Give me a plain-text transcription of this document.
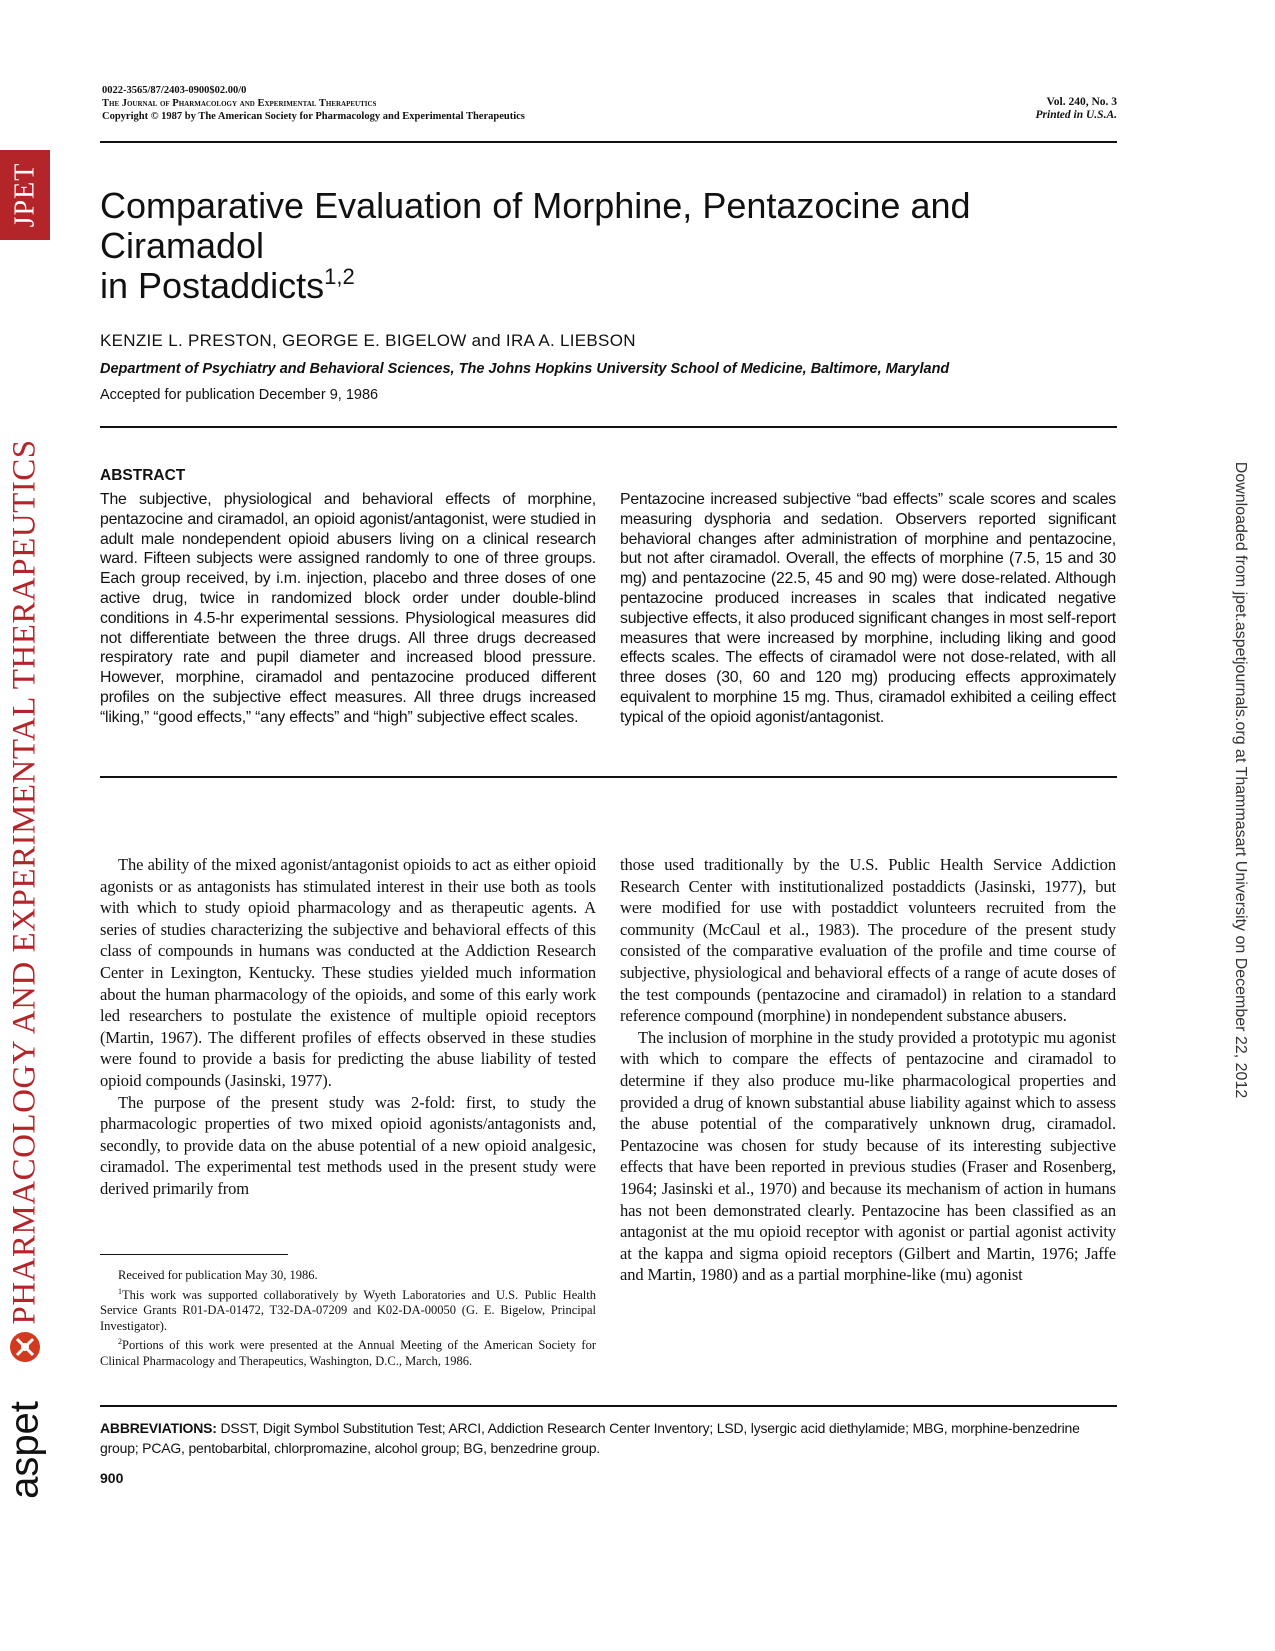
JPET
PHARMACOLOGY AND EXPERIMENTAL THERAPEUTICS
aspet
Downloaded from jpet.aspetjournals.org at Thammasart University on December 22, 2012
0022-3565/87/2403-0900$02.00/0
The Journal of Pharmacology and Experimental Therapeutics
Copyright © 1987 by The American Society for Pharmacology and Experimental Therapeutics
Vol. 240, No. 3
Printed in U.S.A.
Comparative Evaluation of Morphine, Pentazocine and Ciramadol
in Postaddicts$^{1,2}$
KENZIE L. PRESTON, GEORGE E. BIGELOW and IRA A. LIEBSON
Department of Psychiatry and Behavioral Sciences, The Johns Hopkins University School of Medicine, Baltimore, Maryland
Accepted for publication December 9, 1986
ABSTRACT

The subjective, physiological and behavioral effects of morphine, pentazocine and ciramadol, an opioid agonist/antagonist, were studied in adult male nondependent opioid abusers living on a clinical research ward. Fifteen subjects were assigned randomly to one of three groups. Each group received, by i.m. injection, placebo and three doses of one active drug, twice in randomized block order under double-blind conditions in 4.5-hr experimental sessions. Physiological measures did not differentiate between the three drugs. All three drugs decreased respiratory rate and pupil diameter and increased blood pressure. However, morphine, ciramadol and pentazocine produced different profiles on the subjective effect measures. All three drugs increased “liking,” “good effects,” “any effects” and “high” subjective effect scales.

Pentazocine increased subjective “bad effects” scale scores and scales measuring dysphoria and sedation. Observers reported significant behavioral changes after administration of morphine and pentazocine, but not after ciramadol. Overall, the effects of morphine (7.5, 15 and 30 mg) and pentazocine (22.5, 45 and 90 mg) were dose-related. Although pentazocine produced increases in scales that indicated negative subjective effects, it also produced significant changes in most self-report measures that were increased by morphine, including liking and good effects scales. The effects of ciramadol were not dose-related, with all three doses (30, 60 and 120 mg) producing effects approximately equivalent to morphine 15 mg. Thus, ciramadol exhibited a ceiling effect typical of the opioid agonist/antagonist.

The ability of the mixed agonist/antagonist opioids to act as either opioid agonists or as antagonists has stimulated interest in their use both as tools with which to study opioid pharmacology and as therapeutic agents. A series of studies characterizing the subjective and behavioral effects of this class of compounds in humans was conducted at the Addiction Research Center in Lexington, Kentucky. These studies yielded much information about the human pharmacology of the opioids, and some of this early work led researchers to postulate the existence of multiple opioid receptors (Martin, 1967). The different profiles of effects observed in these studies were found to provide a basis for predicting the abuse liability of tested opioid compounds (Jasinski, 1977).

The purpose of the present study was 2-fold: first, to study the pharmacologic properties of two mixed opioid agonists/antagonists and, secondly, to provide data on the abuse potential of a new opioid analgesic, ciramadol. The experimental test methods used in the present study were derived primarily from

those used traditionally by the U.S. Public Health Service Addiction Research Center with institutionalized postaddicts (Jasinski, 1977), but were modified for use with postaddict volunteers recruited from the community (McCaul et al., 1983). The procedure of the present study consisted of the comparative evaluation of the profile and time course of subjective, physiological and behavioral effects of a range of acute doses of the test compounds (pentazocine and ciramadol) in relation to a standard reference compound (morphine) in nondependent substance abusers.

The inclusion of morphine in the study provided a prototypic mu agonist with which to compare the effects of pentazocine and ciramadol to determine if they also produce mu-like pharmacological properties and provided a drug of known substantial abuse liability against which to assess the abuse potential of the comparatively unknown drug, ciramadol. Pentazocine was chosen for study because of its interesting subjective effects that have been reported in previous studies (Fraser and Rosenberg, 1964; Jasinski et al., 1970) and because its mechanism of action in humans has not been demonstrated clearly. Pentazocine has been classified as an antagonist at the mu opioid receptor with agonist or partial agonist activity at the kappa and sigma opioid receptors (Gilbert and Martin, 1976; Jaffe and Martin, 1980) and as a partial morphine-like (mu) agonist

Received for publication May 30, 1986.

$^1$This work was supported collaboratively by Wyeth Laboratories and U.S. Public Health Service Grants R01-DA-01472, T32-DA-07209 and K02-DA-00050 (G. E. Bigelow, Principal Investigator).

$^2$Portions of this work were presented at the Annual Meeting of the American Society for Clinical Pharmacology and Therapeutics, Washington, D.C., March, 1986.

ABBREVIATIONS: DSST, Digit Symbol Substitution Test; ARCI, Addiction Research Center Inventory; LSD, lysergic acid diethylamide; MBG, morphine-benzedrine group; PCAG, pentobarbital, chlorpromazine, alcohol group; BG, benzedrine group.
900
